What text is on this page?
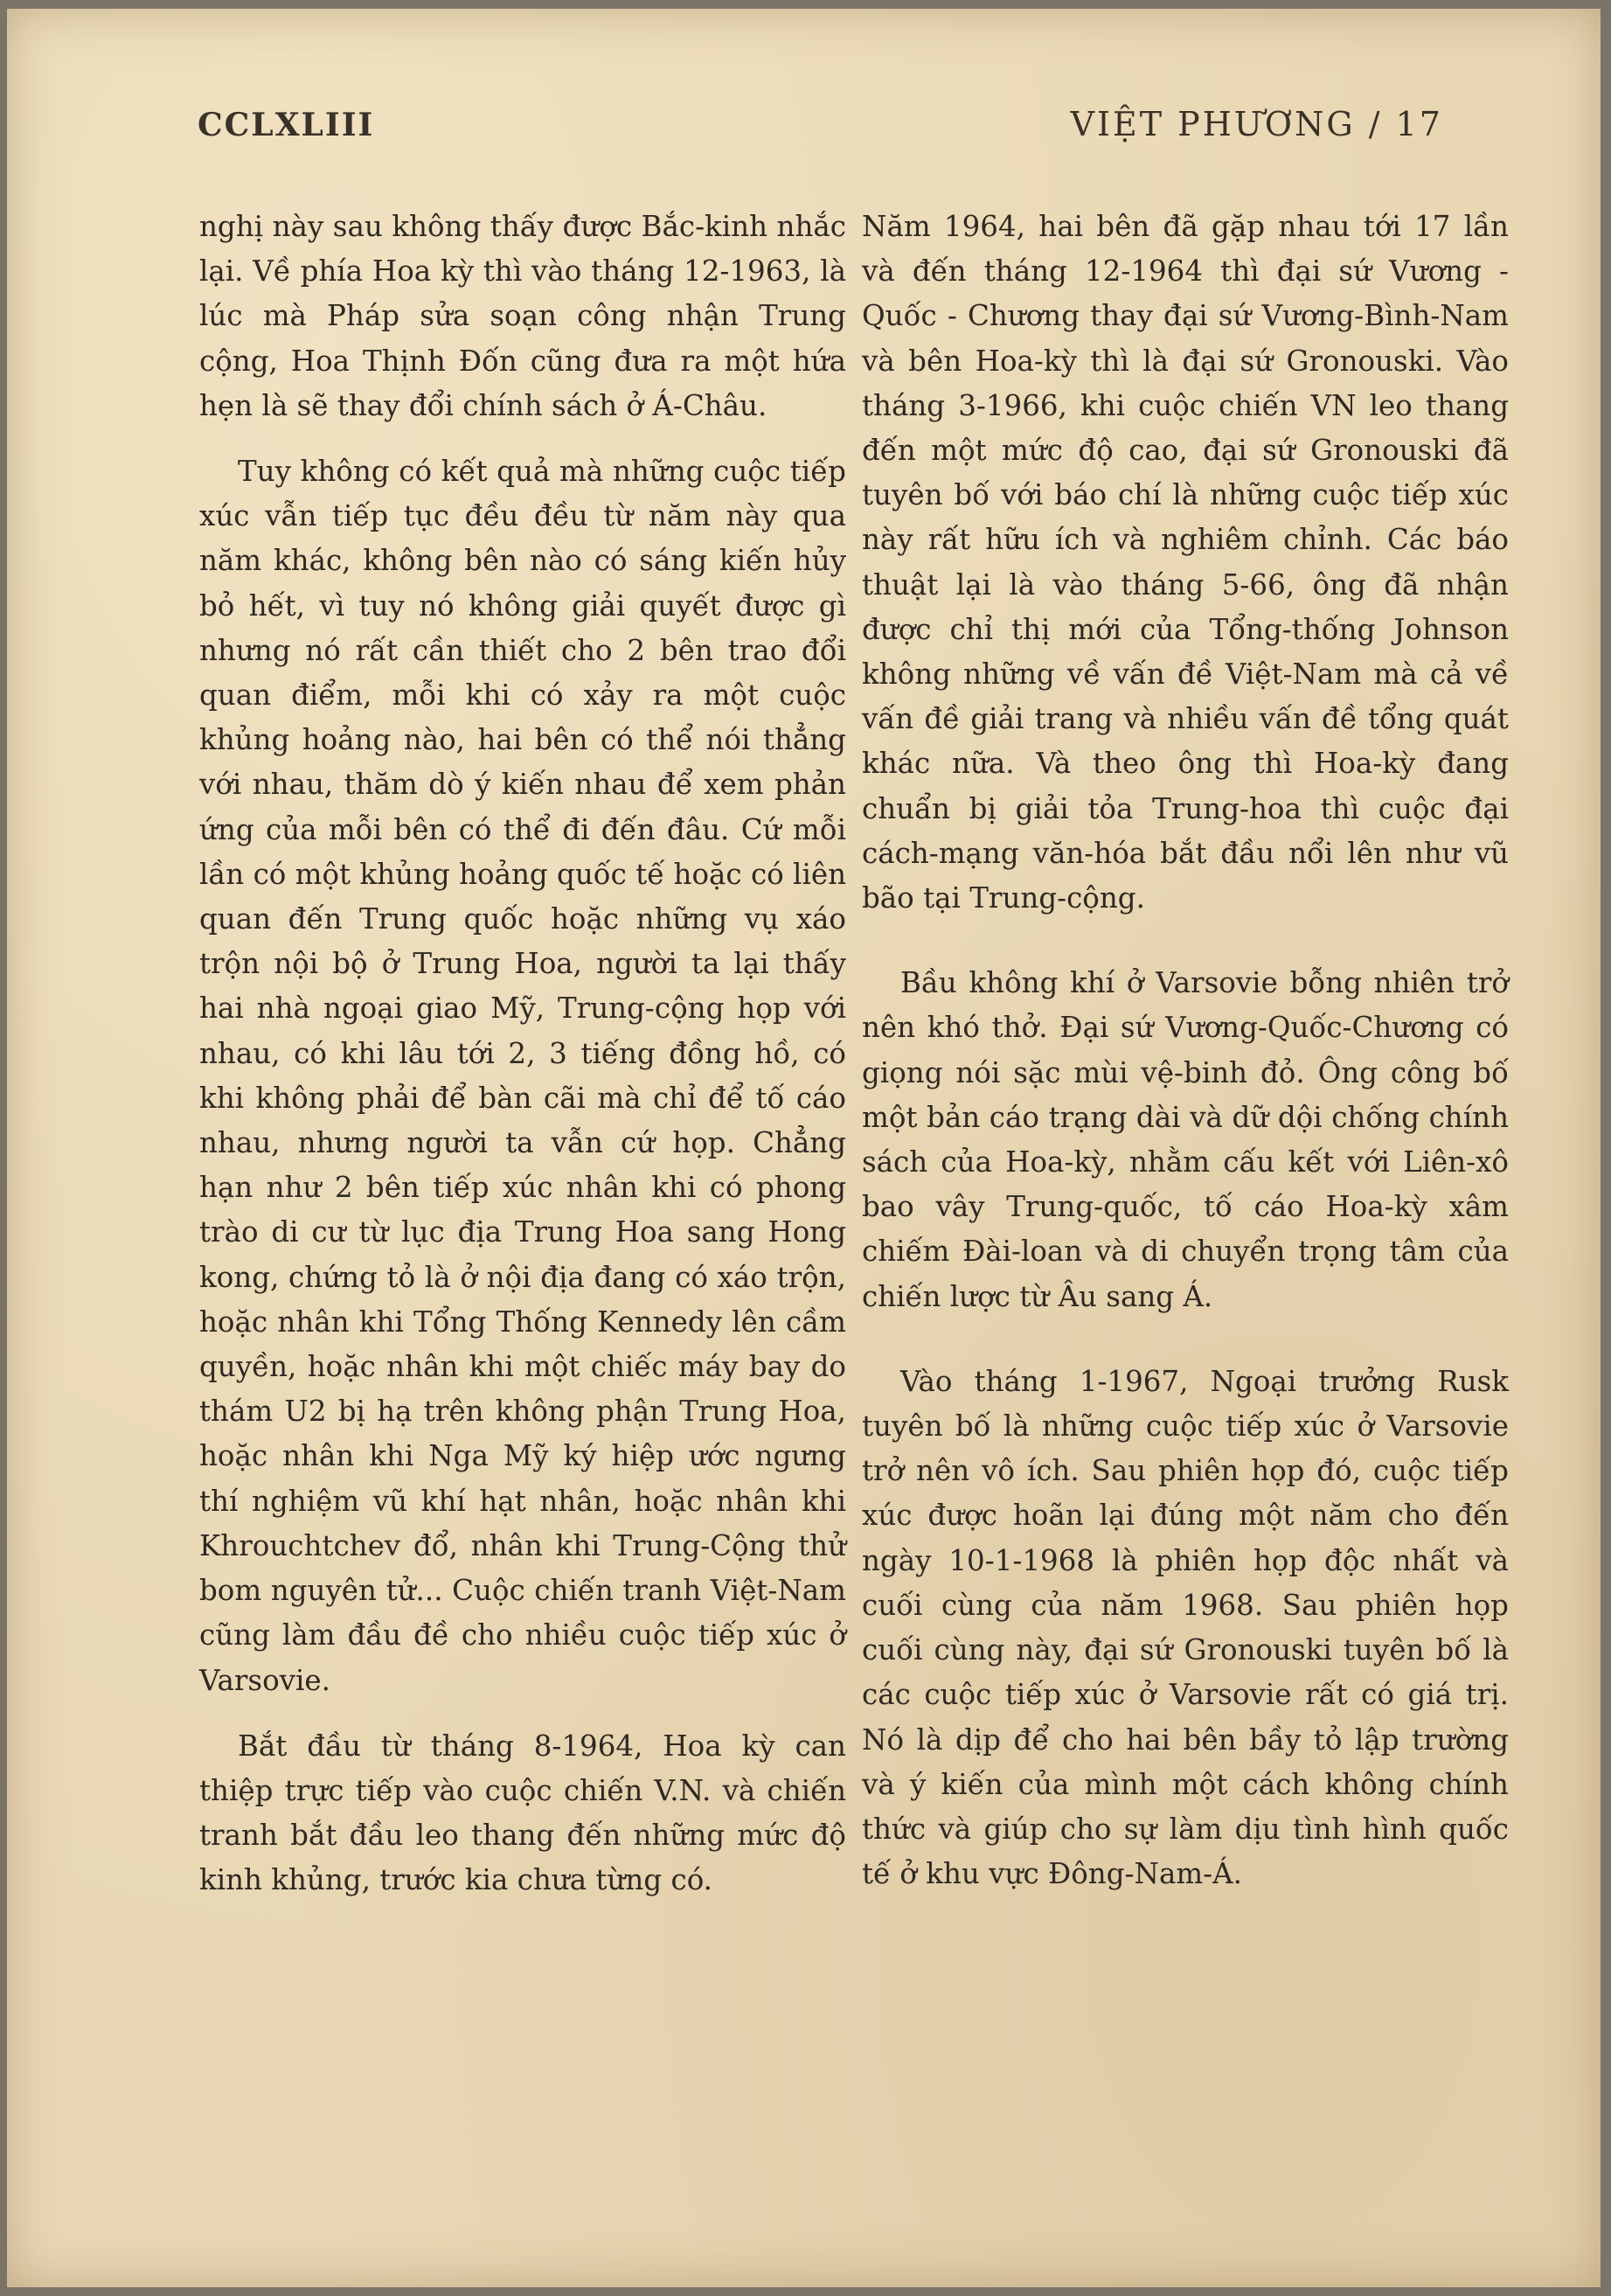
CCLXLIII	VIỆT PHƯƠNG / 17

nghị này sau không thấy được Bắc-kinh nhắc lại. Về phía Hoa kỳ thì vào tháng 12-1963, là lúc mà Pháp sửa soạn công nhận Trung cộng, Hoa Thịnh Đốn cũng đưa ra một hứa hẹn là sẽ thay đổi chính sách ở Á-Châu.

Tuy không có kết quả mà những cuộc tiếp xúc vẫn tiếp tục đều đều từ năm này qua năm khác, không bên nào có sáng kiến hủy bỏ hết, vì tuy nó không giải quyết được gì nhưng nó rất cần thiết cho 2 bên trao đổi quan điểm, mỗi khi có xảy ra một cuộc khủng hoảng nào, hai bên có thể nói thẳng với nhau, thăm dò ý kiến nhau để xem phản ứng của mỗi bên có thể đi đến đâu. Cứ mỗi lần có một khủng hoảng quốc tế hoặc có liên quan đến Trung quốc hoặc những vụ xáo trộn nội bộ ở Trung Hoa, người ta lại thấy hai nhà ngoại giao Mỹ, Trung-cộng họp với nhau, có khi lâu tới 2, 3 tiếng đồng hồ, có khi không phải để bàn cãi mà chỉ để tố cáo nhau, nhưng người ta vẫn cứ họp. Chẳng hạn như 2 bên tiếp xúc nhân khi có phong trào di cư từ lục địa Trung Hoa sang Hong kong, chứng tỏ là ở nội địa đang có xáo trộn, hoặc nhân khi Tổng Thống Kennedy lên cầm quyền, hoặc nhân khi một chiếc máy bay do thám U2 bị hạ trên không phận Trung Hoa, hoặc nhân khi Nga Mỹ ký hiệp ước ngưng thí nghiệm vũ khí hạt nhân, hoặc nhân khi Khrouchtchev đổ, nhân khi Trung-Cộng thử bom nguyên tử... Cuộc chiến tranh Việt-Nam cũng làm đầu đề cho nhiều cuộc tiếp xúc ở Varsovie.

Bắt đầu từ tháng 8-1964, Hoa kỳ can thiệp trực tiếp vào cuộc chiến V.N. và chiến tranh bắt đầu leo thang đến những mức độ kinh khủng, trước kia chưa từng có.

Năm 1964, hai bên đã gặp nhau tới 17 lần và đến tháng 12-1964 thì đại sứ Vương - Quốc - Chương thay đại sứ Vương-Bình-Nam và bên Hoa-kỳ thì là đại sứ Gronouski. Vào tháng 3-1966, khi cuộc chiến VN leo thang đến một mức độ cao, đại sứ Gronouski đã tuyên bố với báo chí là những cuộc tiếp xúc này rất hữu ích và nghiêm chỉnh. Các báo thuật lại là vào tháng 5-66, ông đã nhận được chỉ thị mới của Tổng-thống Johnson không những về vấn đề Việt-Nam mà cả về vấn đề giải trang và nhiều vấn đề tổng quát khác nữa. Và theo ông thì Hoa-kỳ đang chuẩn bị giải tỏa Trung-hoa thì cuộc đại cách-mạng văn-hóa bắt đầu nổi lên như vũ bão tại Trung-cộng.

Bầu không khí ở Varsovie bỗng nhiên trở nên khó thở. Đại sứ Vương-Quốc-Chương có giọng nói sặc mùi vệ-binh đỏ. Ông công bố một bản cáo trạng dài và dữ dội chống chính sách của Hoa-kỳ, nhằm cấu kết với Liên-xô bao vây Trung-quốc, tố cáo Hoa-kỳ xâm chiếm Đài-loan và di chuyển trọng tâm của chiến lược từ Âu sang Á.

Vào tháng 1-1967, Ngoại trưởng Rusk tuyên bố là những cuộc tiếp xúc ở Varsovie trở nên vô ích. Sau phiên họp đó, cuộc tiếp xúc được hoãn lại đúng một năm cho đến ngày 10-1-1968 là phiên họp độc nhất và cuối cùng của năm 1968. Sau phiên họp cuối cùng này, đại sứ Gronouski tuyên bố là các cuộc tiếp xúc ở Varsovie rất có giá trị. Nó là dịp để cho hai bên bầy tỏ lập trường và ý kiến của mình một cách không chính thức và giúp cho sự làm dịu tình hình quốc tế ở khu vực Đông-Nam-Á.
